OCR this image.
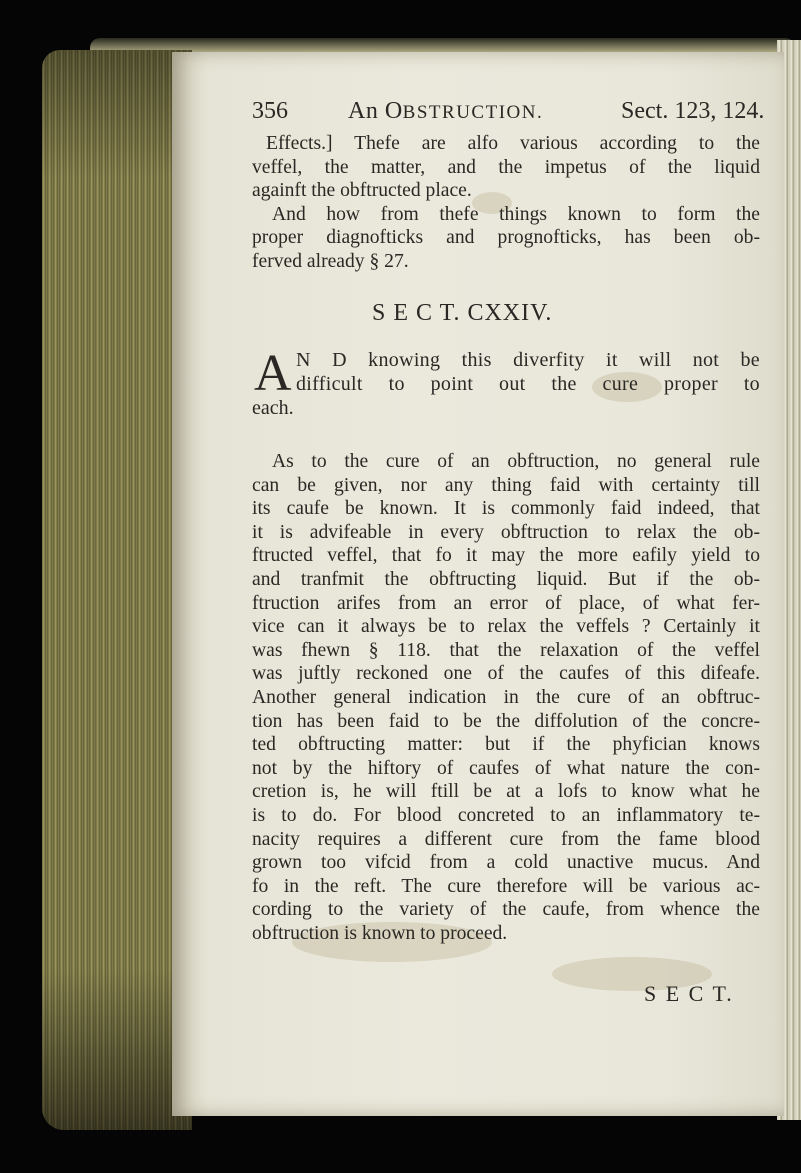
356	An OBSTRUCTION.	Sect. 123, 124.
Effects.] Thefe are alfo various according to the
veffel, the matter, and the impetus of the liquid
againft the obftructed place.
And how from thefe things known to form the
proper diagnofticks and prognofticks, has been ob-
ferved already § 27.
S E C T. CXXIV.
A N D knowing this diverfity it will not be
difficult to point out the cure proper to
each.
As to the cure of an obftruction, no general rule
can be given, nor any thing faid with certainty till
its caufe be known. It is commonly faid indeed, that
it is advifeable in every obftruction to relax the ob-
ftructed veffel, that fo it may the more eafily yield to
and tranfmit the obftructing liquid. But if the ob-
ftruction arifes from an error of place, of what fer-
vice can it always be to relax the veffels ? Certainly it
was fhewn § 118. that the relaxation of the veffel
was juftly reckoned one of the caufes of this difeafe.
Another general indication in the cure of an obftruc-
tion has been faid to be the diffolution of the concre-
ted obftructing matter: but if the phyfician knows
not by the hiftory of caufes of what nature the con-
cretion is, he will ftill be at a lofs to know what he
is to do. For blood concreted to an inflammatory te-
nacity requires a different cure from the fame blood
grown too vifcid from a cold unactive mucus. And
fo in the reft. The cure therefore will be various ac-
cording to the variety of the caufe, from whence the
obftruction is known to proceed.
S E C T.
